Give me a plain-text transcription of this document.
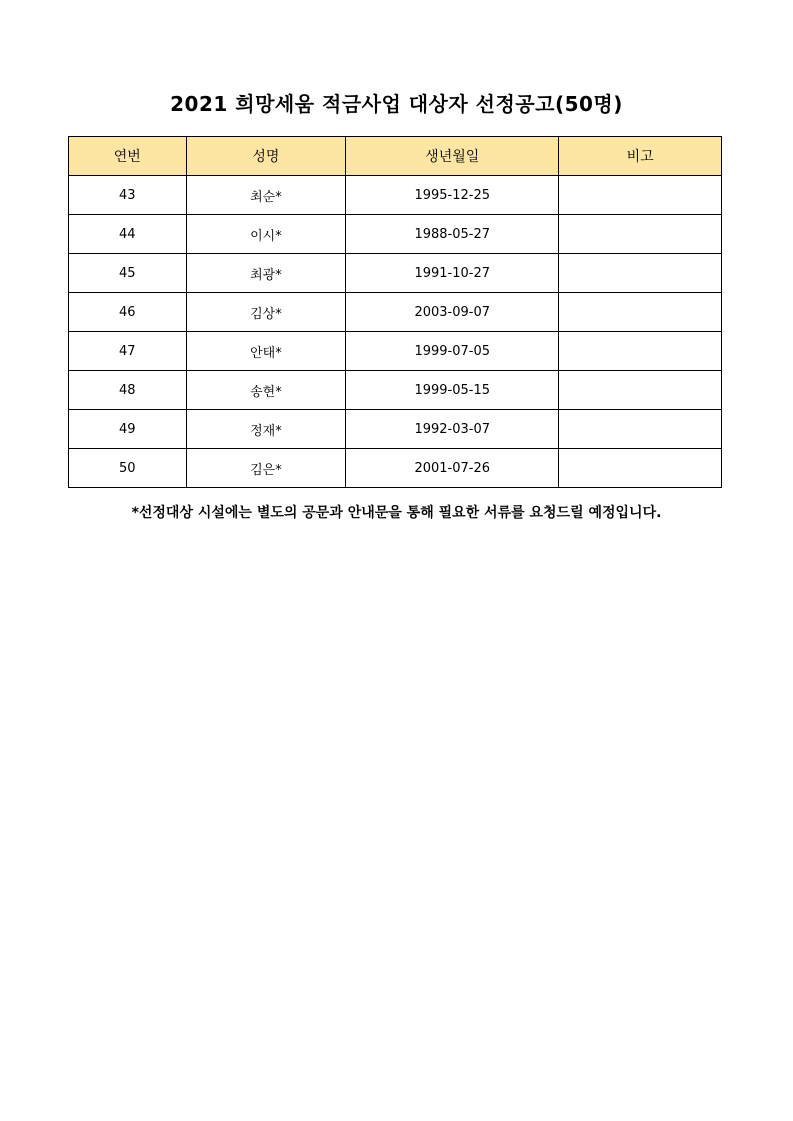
2021 희망세움 적금사업 대상자 선정공고(50명)
연번	성명	생년월일	비고
43	최순*	1995-12-25	
44	이시*	1988-05-27	
45	최광*	1991-10-27	
46	김상*	2003-09-07	
47	안태*	1999-07-05	
48	송현*	1999-05-15	
49	정재*	1992-03-07	
50	김은*	2001-07-26	
*선정대상 시설에는 별도의 공문과 안내문을 통해 필요한 서류를 요청드릴 예정입니다.
